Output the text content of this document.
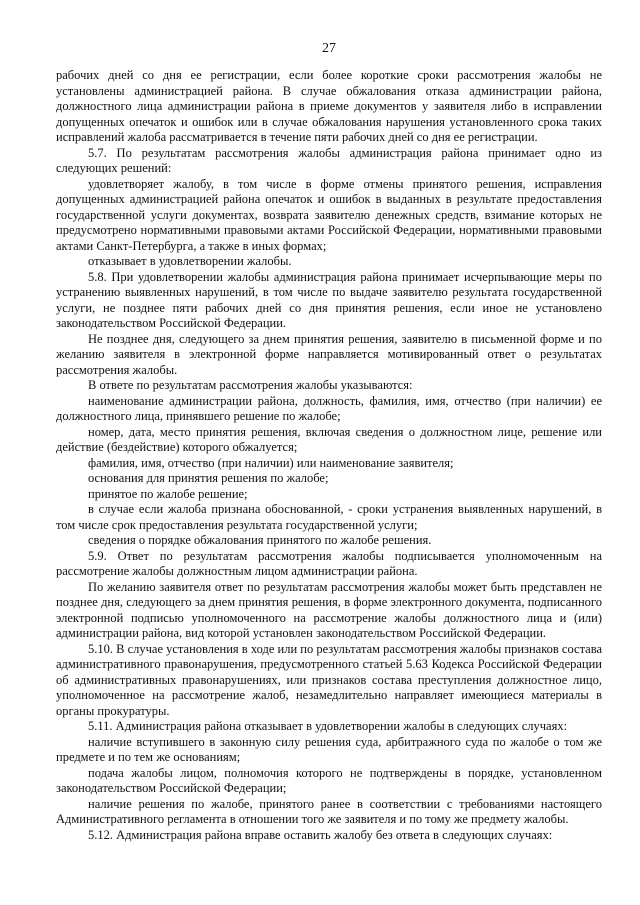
27

рабочих дней со дня ее регистрации, если более короткие сроки рассмотрения жалобы не установлены администрацией района. В случае обжалования отказа администрации района, должностного лица администрации района в приеме документов у заявителя либо в исправлении допущенных опечаток и ошибок или в случае обжалования нарушения установленного срока таких исправлений жалоба рассматривается в течение пяти рабочих дней со дня ее регистрации.

5.7. По результатам рассмотрения жалобы администрация района принимает одно из следующих решений:

удовлетворяет жалобу, в том числе в форме отмены принятого решения, исправления допущенных администрацией района опечаток и ошибок в выданных в результате предоставления государственной услуги документах, возврата заявителю денежных средств, взимание которых не предусмотрено нормативными правовыми актами Российской Федерации, нормативными правовыми актами Санкт-Петербурга, а также в иных формах;

отказывает в удовлетворении жалобы.

5.8. При удовлетворении жалобы администрация района принимает исчерпывающие меры по устранению выявленных нарушений, в том числе по выдаче заявителю результата государственной услуги, не позднее пяти рабочих дней со дня принятия решения, если иное не установлено законодательством Российской Федерации.

Не позднее дня, следующего за днем принятия решения, заявителю в письменной форме и по желанию заявителя в электронной форме направляется мотивированный ответ о результатах рассмотрения жалобы.

В ответе по результатам рассмотрения жалобы указываются:

наименование администрации района, должность, фамилия, имя, отчество (при наличии) ее должностного лица, принявшего решение по жалобе;

номер, дата, место принятия решения, включая сведения о должностном лице, решение или действие (бездействие) которого обжалуется;

фамилия, имя, отчество (при наличии) или наименование заявителя;

основания для принятия решения по жалобе;

принятое по жалобе решение;

в случае если жалоба признана обоснованной, - сроки устранения выявленных нарушений, в том числе срок предоставления результата государственной услуги;

сведения о порядке обжалования принятого по жалобе решения.

5.9. Ответ по результатам рассмотрения жалобы подписывается уполномоченным на рассмотрение жалобы должностным лицом администрации района.

По желанию заявителя ответ по результатам рассмотрения жалобы может быть представлен не позднее дня, следующего за днем принятия решения, в форме электронного документа, подписанного электронной подписью уполномоченного на рассмотрение жалобы должностного лица и (или) администрации района, вид которой установлен законодательством Российской Федерации.

5.10. В случае установления в ходе или по результатам рассмотрения жалобы признаков состава административного правонарушения, предусмотренного статьей 5.63 Кодекса Российской Федерации об административных правонарушениях, или признаков состава преступления должностное лицо, уполномоченное на рассмотрение жалоб, незамедлительно направляет имеющиеся материалы в органы прокуратуры.

5.11. Администрация района отказывает в удовлетворении жалобы в следующих случаях:

наличие вступившего в законную силу решения суда, арбитражного суда по жалобе о том же предмете и по тем же основаниям;

подача жалобы лицом, полномочия которого не подтверждены в порядке, установленном законодательством Российской Федерации;

наличие решения по жалобе, принятого ранее в соответствии с требованиями настоящего Административного регламента в отношении того же заявителя и по тому же предмету жалобы.

5.12. Администрация района вправе оставить жалобу без ответа в следующих случаях:
